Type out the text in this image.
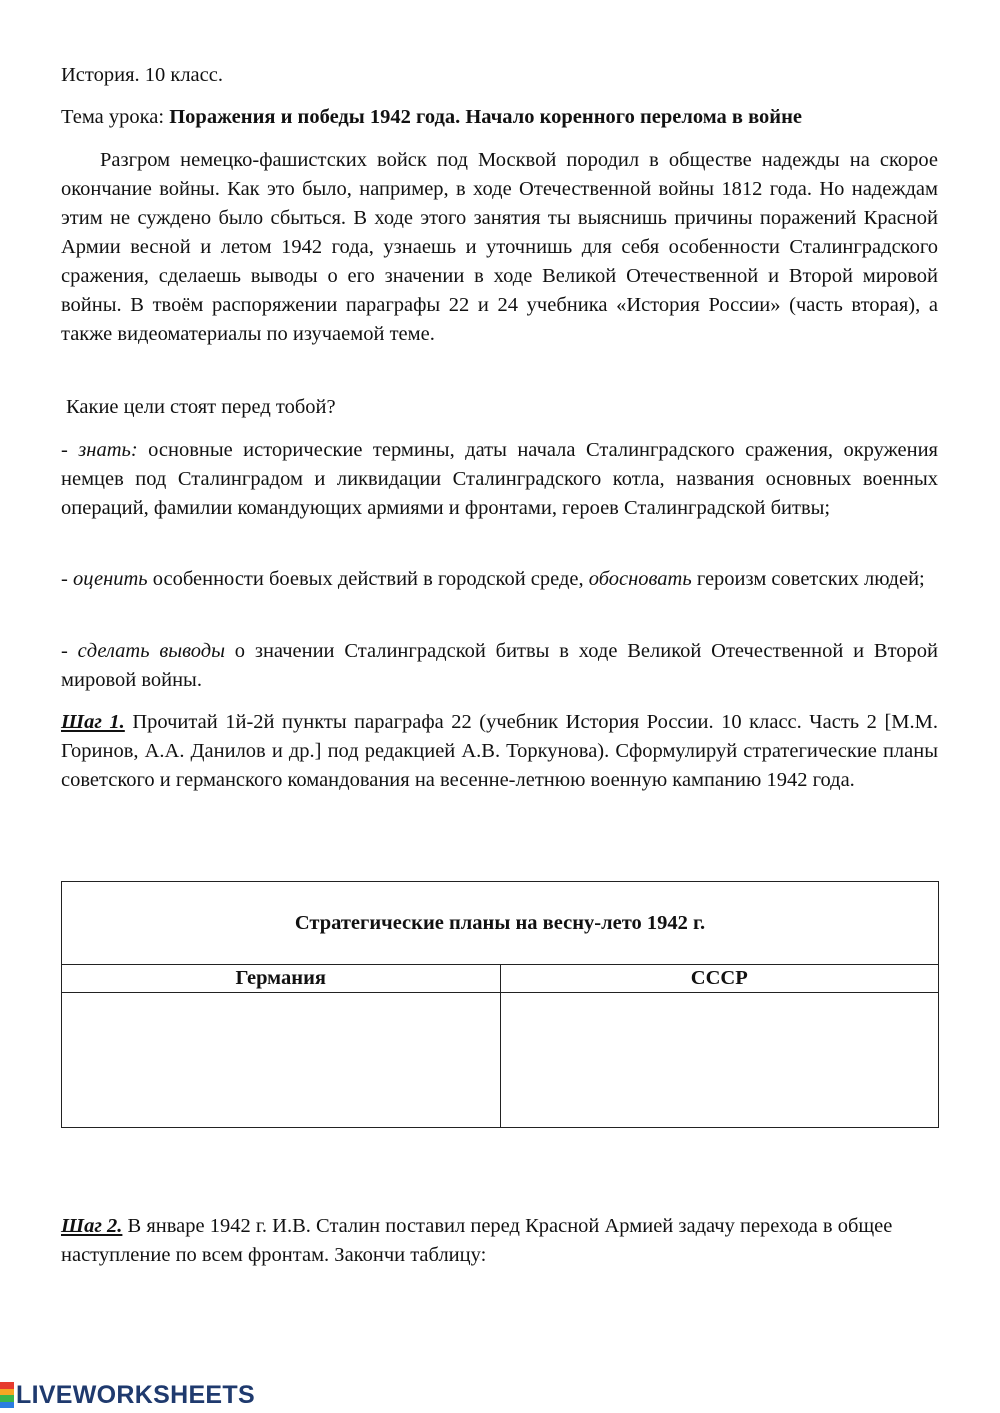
История. 10 класс.

Тема урока: Поражения и победы 1942 года. Начало коренного перелома в войне

Разгром немецко-фашистских войск под Москвой породил в обществе надежды на скорое окончание войны. Как это было, например, в ходе Отечественной войны 1812 года. Но надеждам этим не суждено было сбыться. В ходе этого занятия ты выяснишь причины поражений Красной Армии весной и летом 1942 года, узнаешь и уточнишь для себя особенности Сталинградского сражения, сделаешь выводы о его значении в ходе Великой Отечественной и Второй мировой войны. В твоём распоряжении параграфы 22 и 24 учебника «История России» (часть вторая), а также видеоматериалы по изучаемой теме.

Какие цели стоят перед тобой?

- знать: основные исторические термины, даты начала Сталинградского сражения, окружения немцев под Сталинградом и ликвидации Сталинградского котла, названия основных военных операций, фамилии командующих армиями и фронтами, героев Сталинградской битвы;

- оценить особенности боевых действий в городской среде, обосновать героизм советских людей;

- сделать выводы о значении Сталинградской битвы в ходе Великой Отечественной и Второй мировой войны.

Шаг 1. Прочитай 1й-2й пункты параграфа 22 (учебник История России. 10 класс. Часть 2 [М.М. Горинов, А.А. Данилов и др.] под редакцией А.В. Торкунова). Сформулируй стратегические планы советского и германского командования на весенне-летнюю военную кампанию 1942 года.

Шаг 2. В январе 1942 г. И.В. Сталин поставил перед Красной Армией задачу перехода в общее наступление по всем фронтам. Закончи таблицу:

Стратегические планы на весну-лето 1942 г.	
Германия	СССР

LIVEWORKSHEETS
